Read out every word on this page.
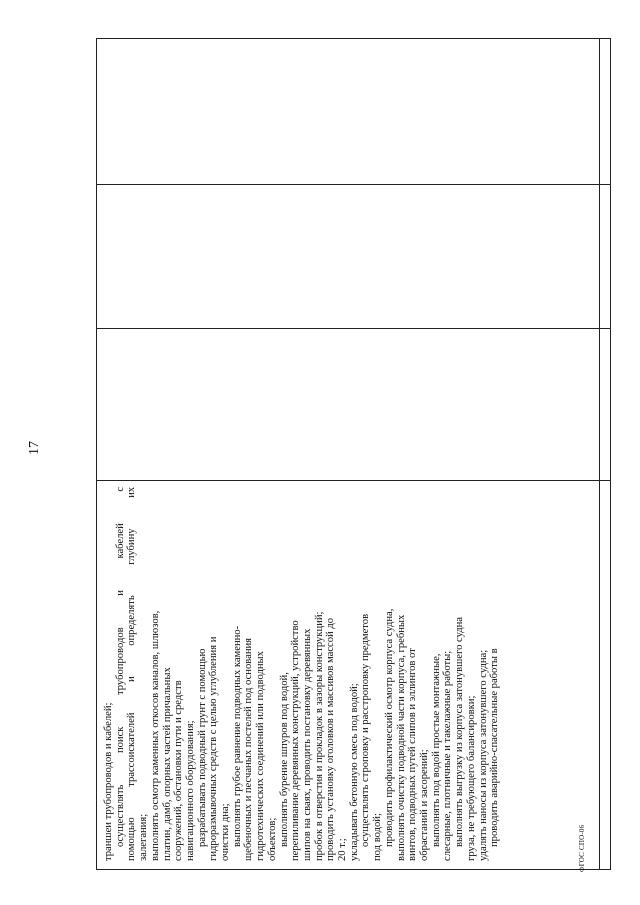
17
траншеи трубопроводов и кабелей; осуществлять поиск трубопроводов и кабелей с помощью трассоискателей и определять глубину их залегания; выполнять осмотр каменных откосов каналов, шлюзов, платин, дамб, опорных частей причальных сооружений, обстановки пути и средств навигационного оборудования; разрабатывать подводный грунт с помощью гидроразмывочных средств с целью углубления и очистки дна; выполнять грубое равнение подводных каменно- щебеночных и песчаных постелей под основания гидротехнических соединений или подводных объектов; выполнять бурение шпуров под водой, перепиливание деревянных конструкций, устройство шипов на сваях, проводить постановку деревянных пробок в отверстия и прокладок в зазоры конструкций; проводить установку оголовков и массивов массой до 20 т.; укладывать бетонную смесь под водой; осуществлять строповку и расстроповку предметов под водой; проводить профилактический осмотр корпуса судна, выполнять очистку подводной части корпуса, гребных винтов, подводных путей слипов и эллингов от обрастаний и засорений; выполнять под водой простые монтажные, слесарные, плотничные и такелажные работы; выполнять выгрузку из корпуса затонувшего судна груза, не требующего балансировки; удалять наносы из корпуса затонувшего судна; проводить аварийно-спасательные работы в
ФГОС СПО-06
